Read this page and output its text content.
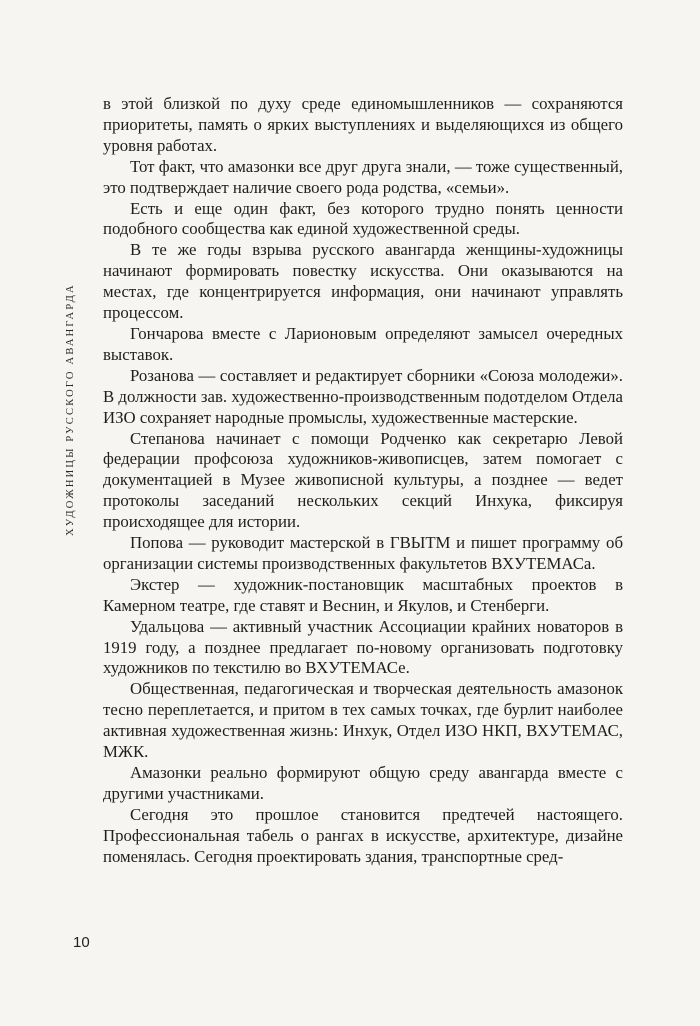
ХУДОЖНИЦЫ РУССКОГО АВАНГАРДА

в этой близкой по духу среде единомышленников — сохраняются приоритеты, память о ярких выступлениях и выделяющихся из общего уровня работах.

Тот факт, что амазонки все друг друга знали, — тоже существенный, это подтверждает наличие своего рода родства, «семьи».

Есть и еще один факт, без которого трудно понять ценности подобного сообщества как единой художественной среды.

В те же годы взрыва русского авангарда женщины-художницы начинают формировать повестку искусства. Они оказываются на местах, где концентрируется информация, они начинают управлять процессом.

Гончарова вместе с Ларионовым определяют замысел очередных выставок.

Розанова — составляет и редактирует сборники «Союза молодежи». В должности зав. художественно-производственным подотделом Отдела ИЗО сохраняет народные промыслы, художественные мастерские.

Степанова начинает с помощи Родченко как секретарю Левой федерации профсоюза художников-живописцев, затем помогает с документацией в Музее живописной культуры, а позднее — ведет протоколы заседаний нескольких секций Инхука, фиксируя происходящее для истории.

Попова — руководит мастерской в ГВЫТМ и пишет программу об организации системы производственных факультетов ВХУТЕМАСа.

Экстер — художник-постановщик масштабных проектов в Камерном театре, где ставят и Веснин, и Якулов, и Стенберги.

Удальцова — активный участник Ассоциации крайних новаторов в 1919 году, а позднее предлагает по-новому организовать подготовку художников по текстилю во ВХУТЕМАСе.

Общественная, педагогическая и творческая деятельность амазонок тесно переплетается, и притом в тех самых точках, где бурлит наиболее активная художественная жизнь: Инхук, Отдел ИЗО НКП, ВХУТЕМАС, МЖК.

Амазонки реально формируют общую среду авангарда вместе с другими участниками.

Сегодня это прошлое становится предтечей настоящего. Профессиональная табель о рангах в искусстве, архитектуре, дизайне поменялась. Сегодня проектировать здания, транспортные сред-

10
